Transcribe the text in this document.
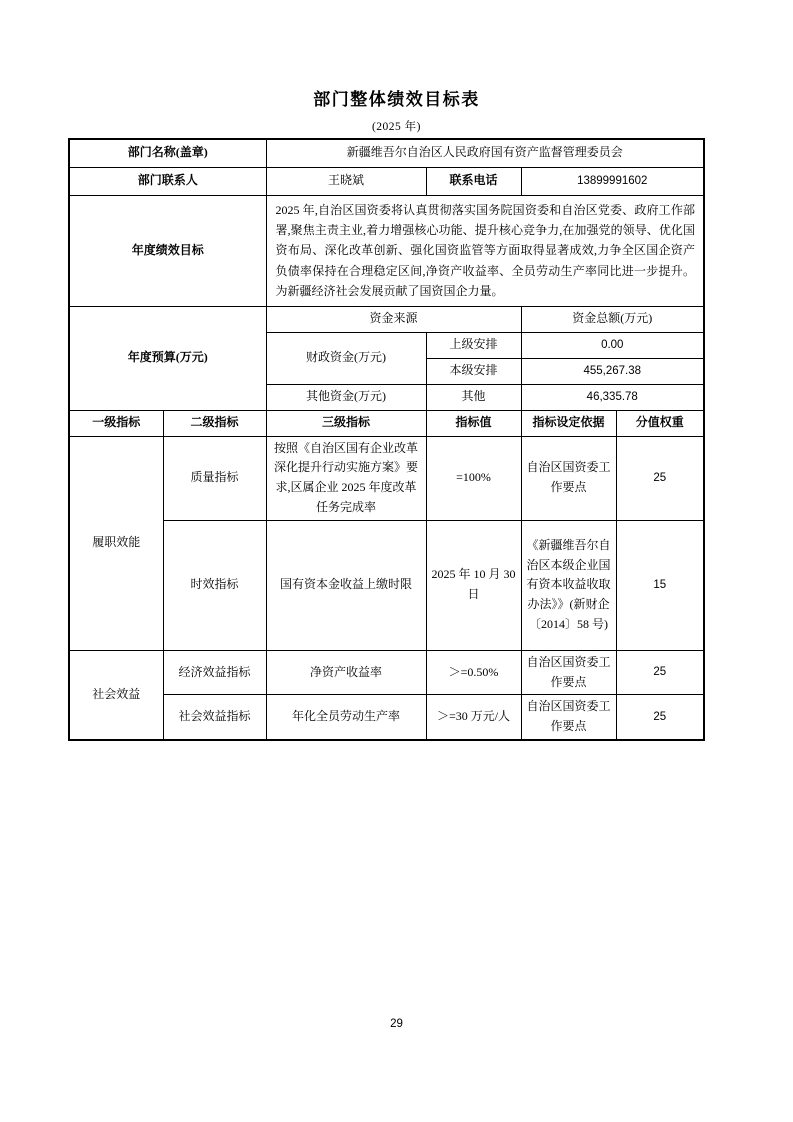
部门整体绩效目标表
(2025 年)
部门名称(盖章)		新疆维吾尔自治区人民政府国有资产监督管理委员会			
部门联系人		王晓斌	联系电话	13899991602	
年度绩效目标		2025 年,自治区国资委将认真贯彻落实国务院国资委和自治区党委、政府工作部署,聚焦主责主业,着力增强核心功能、提升核心竞争力,在加强党的领导、优化国资布局、深化改革创新、强化国资监管等方面取得显著成效,力争全区国企资产负债率保持在合理稳定区间,净资产收益率、全员劳动生产率同比进一步提升。为新疆经济社会发展贡献了国资国企力量。			
年度预算(万元)		资金来源		资金总额(万元)	
		财政资金(万元)	上级安排	0.00	
			本级安排	455,267.38	
		其他资金(万元)	其他	46,335.78	
一级指标	二级指标	三级指标	指标值	指标设定依据	分值权重
履职效能	质量指标	按照《自治区国有企业改革深化提升行动实施方案》要求,区属企业 2025 年度改革任务完成率	=100%	自治区国资委工作要点	25
	时效指标	国有资本金收益上缴时限	2025 年 10 月 30 日	《新疆维吾尔自治区本级企业国有资本收益收取办法》》(新财企〔2014〕58 号)	15
社会效益	经济效益指标	净资产收益率	＞=0.50%	自治区国资委工作要点	25
	社会效益指标	年化全员劳动生产率	＞=30 万元/人	自治区国资委工作要点	25
29
